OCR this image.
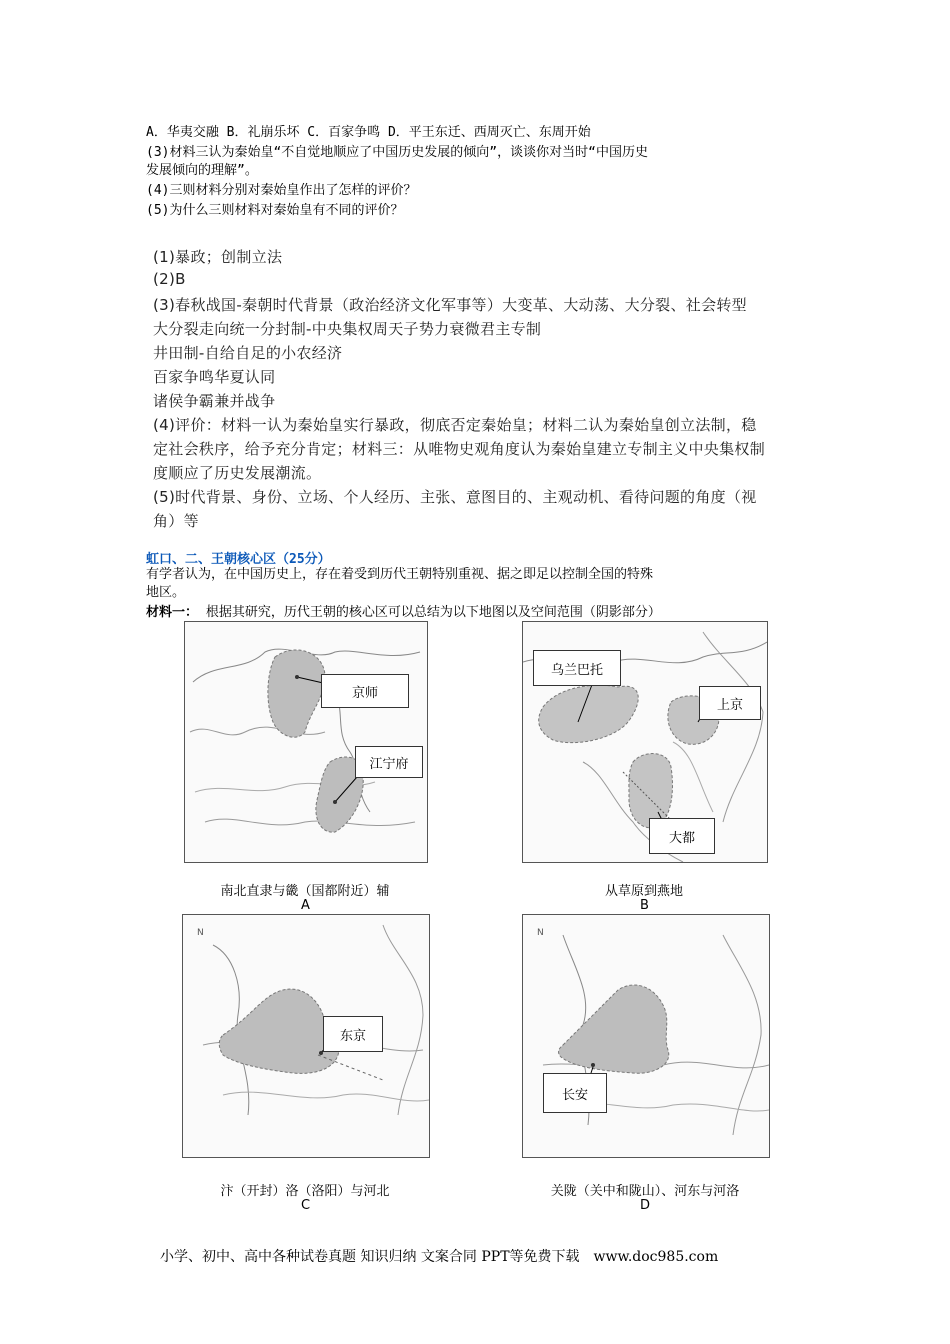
A．华夷交融 B．礼崩乐坏 C．百家争鸣 D．平王东迁、西周灭亡、东周开始
(3)材料三认为秦始皇“不自觉地顺应了中国历史发展的倾向”，谈谈你对当时“中国历史
发展倾向的理解”。
(4)三则材料分别对秦始皇作出了怎样的评价？
(5)为什么三则材料对秦始皇有不同的评价？
(1)暴政；创制立法
(2)B
(3)春秋战国-秦朝时代背景（政治经济文化军事等）大变革、大动荡、大分裂、社会转型
大分裂走向统一分封制-中央集权周天子势力衰微君主专制
井田制-自给自足的小农经济
百家争鸣华夏认同
诸侯争霸兼并战争
(4)评价：材料一认为秦始皇实行暴政，彻底否定秦始皇；材料二认为秦始皇创立法制，稳
定社会秩序，给予充分肯定；材料三：从唯物史观角度认为秦始皇建立专制主义中央集权制
度顺应了历史发展潮流。
(5)时代背景、身份、立场、个人经历、主张、意图目的、主观动机、看待问题的角度（视
角）等
虹口、二、王朝核心区（25分）
有学者认为，在中国历史上，存在着受到历代王朝特别重视、据之即足以控制全国的特殊
地区。
材料一： 根据其研究，历代王朝的核心区可以总结为以下地图以及空间范围（阴影部分）
京师
江宁府
南北直隶与畿（国都附近）辅
A
乌兰巴托
上京
大都
从草原到燕地
B
N
东京
汴（开封）洛（洛阳）与河北
C
N
长安
关陇（关中和陇山）、河东与河洛
D
小学、初中、高中各种试卷真题 知识归纳 文案合同 PPT等免费下载 www.doc985.com
